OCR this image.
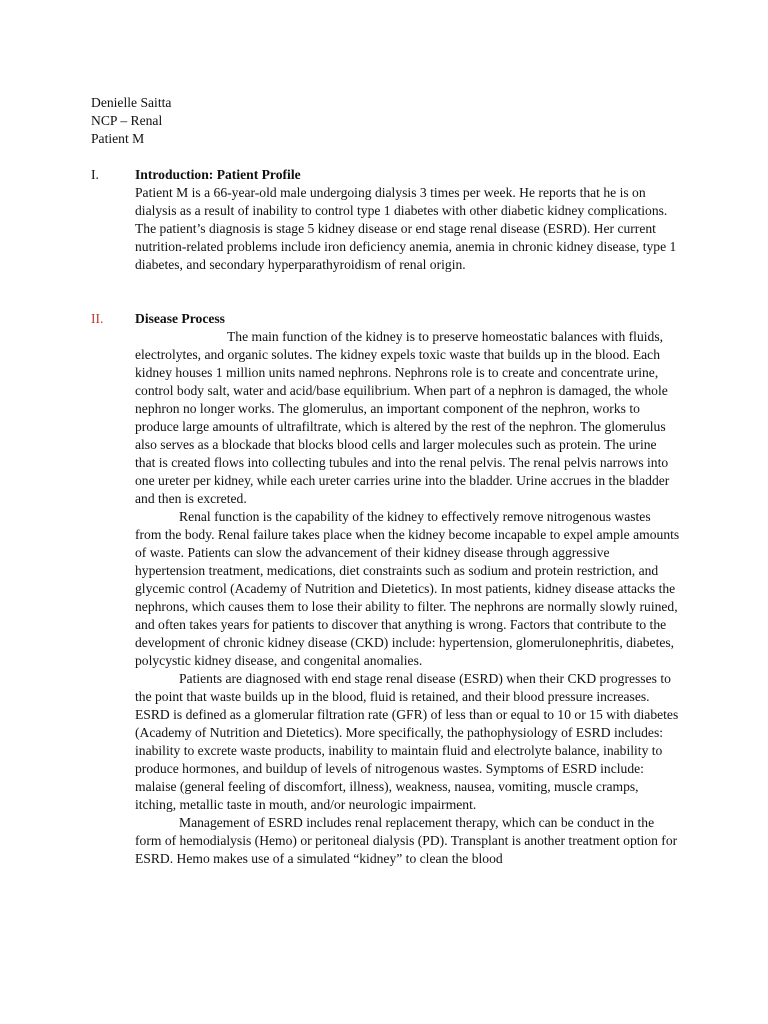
Denielle Saitta
NCP – Renal
Patient M
I.	Introduction: Patient Profile

Patient M is a 66-year-old male undergoing dialysis 3 times per week. He reports that he is on dialysis as a result of inability to control type 1 diabetes with other diabetic kidney complications. The patient’s diagnosis is stage 5 kidney disease or end stage renal disease (ESRD). Her current nutrition-related problems include iron deficiency anemia, anemia in chronic kidney disease, type 1 diabetes, and secondary hyperparathyroidism of renal origin.

II.	Disease Process

The main function of the kidney is to preserve homeostatic balances with fluids, electrolytes, and organic solutes. The kidney expels toxic waste that builds up in the blood. Each kidney houses 1 million units named nephrons. Nephrons role is to create and concentrate urine, control body salt, water and acid/base equilibrium. When part of a nephron is damaged, the whole nephron no longer works. The glomerulus, an important component of the nephron, works to produce large amounts of ultrafiltrate, which is altered by the rest of the nephron. The glomerulus also serves as a blockade that blocks blood cells and larger molecules such as protein. The urine that is created flows into collecting tubules and into the renal pelvis. The renal pelvis narrows into one ureter per kidney, while each ureter carries urine into the bladder. Urine accrues in the bladder and then is excreted.

Renal function is the capability of the kidney to effectively remove nitrogenous wastes from the body. Renal failure takes place when the kidney become incapable to expel ample amounts of waste. Patients can slow the advancement of their kidney disease through aggressive hypertension treatment, medications, diet constraints such as sodium and protein restriction, and glycemic control (Academy of Nutrition and Dietetics). In most patients, kidney disease attacks the nephrons, which causes them to lose their ability to filter. The nephrons are normally slowly ruined, and often takes years for patients to discover that anything is wrong. Factors that contribute to the development of chronic kidney disease (CKD) include: hypertension, glomerulonephritis, diabetes, polycystic kidney disease, and congenital anomalies.

Patients are diagnosed with end stage renal disease (ESRD) when their CKD progresses to the point that waste builds up in the blood, fluid is retained, and their blood pressure increases. ESRD is defined as a glomerular filtration rate (GFR) of less than or equal to 10 or 15 with diabetes (Academy of Nutrition and Dietetics). More specifically, the pathophysiology of ESRD includes: inability to excrete waste products, inability to maintain fluid and electrolyte balance, inability to produce hormones, and buildup of levels of nitrogenous wastes. Symptoms of ESRD include: malaise (general feeling of discomfort, illness), weakness, nausea, vomiting, muscle cramps, itching, metallic taste in mouth, and/or neurologic impairment.

Management of ESRD includes renal replacement therapy, which can be conduct in the form of hemodialysis (Hemo) or peritoneal dialysis (PD). Transplant is another treatment option for ESRD. Hemo makes use of a simulated “kidney” to clean the blood
